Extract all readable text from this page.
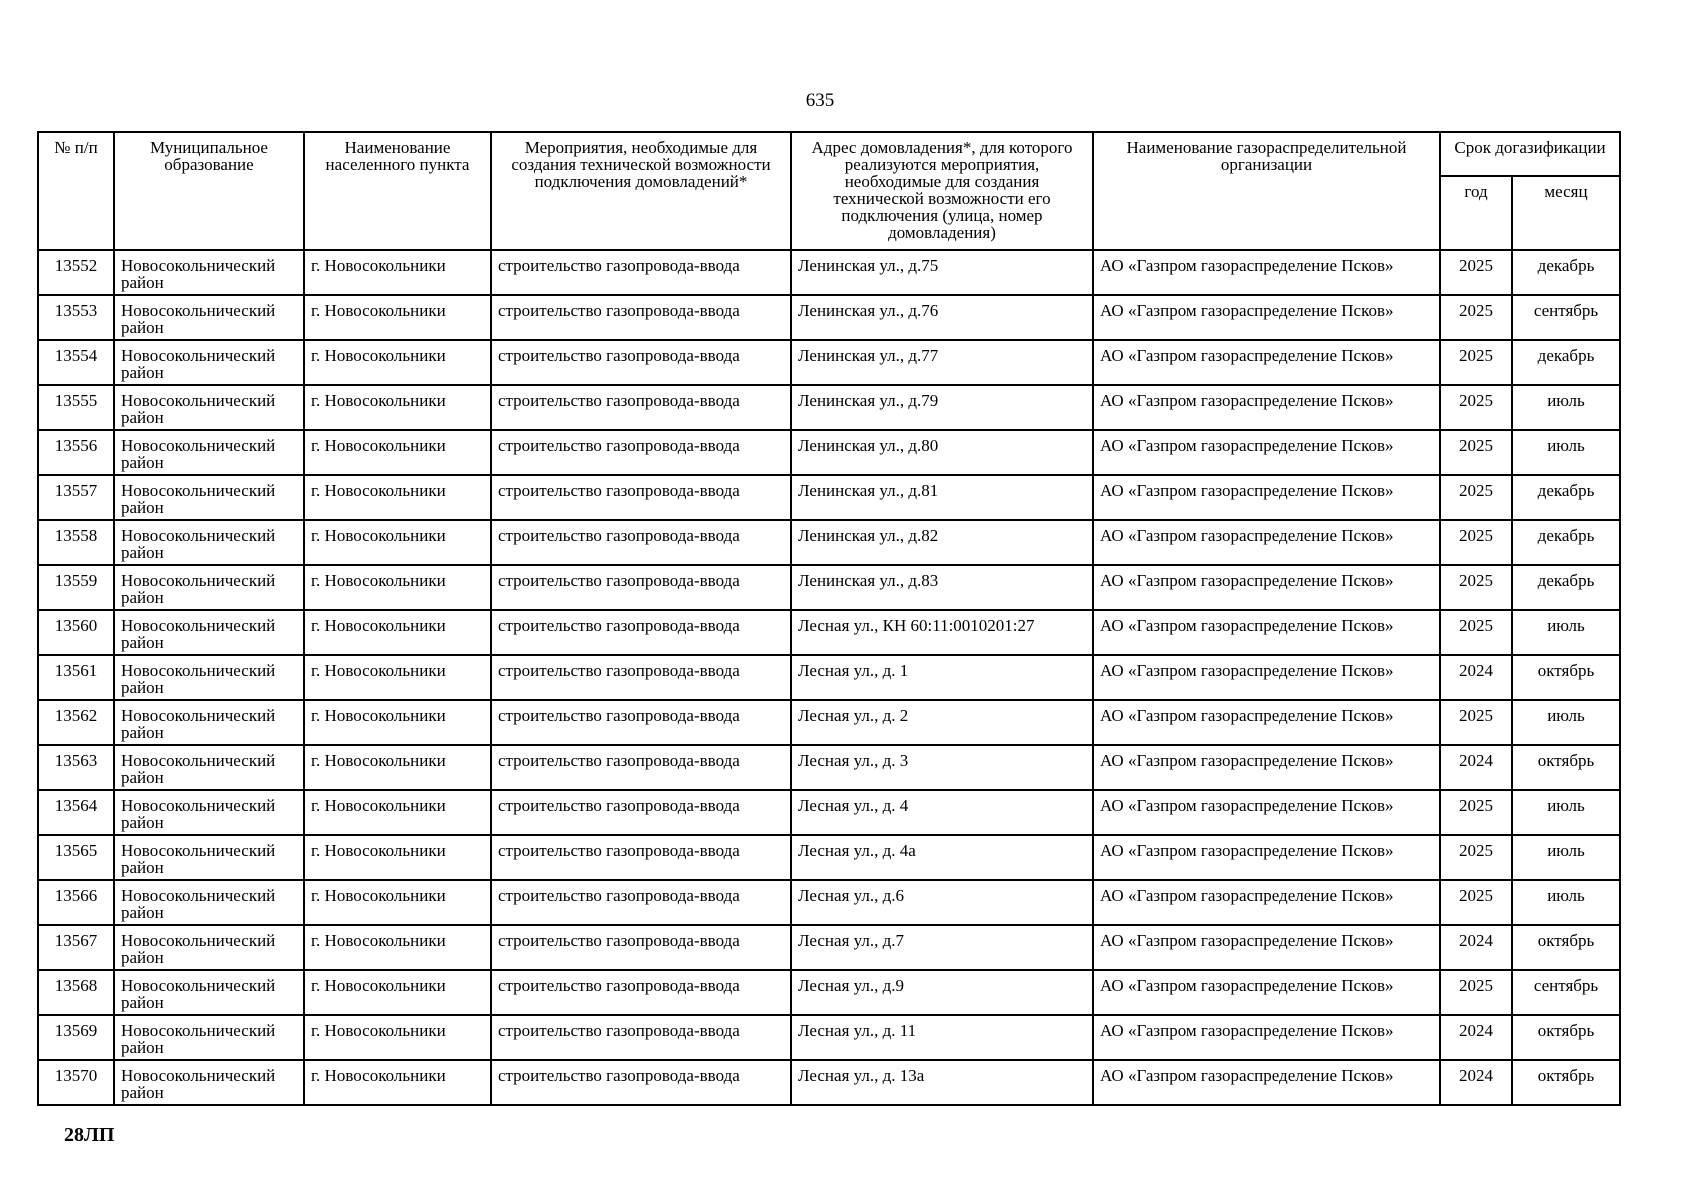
635
№ п/п	Муниципальное образование	Наименование населенного пункта	Мероприятия, необходимые для создания технической возможности подключения домовладений*	Адрес домовладения*, для которого реализуются мероприятия, необходимые для создания технической возможности его подключения (улица, номер домовладения)	Наименование газораспределительной организации	Срок догазификации	
						год	месяц
13552	Новосокольнический район	г. Новосокольники	строительство газопровода-ввода	Ленинская ул., д.75	АО «Газпром газораспределение Псков»	2025	декабрь
13553	Новосокольнический район	г. Новосокольники	строительство газопровода-ввода	Ленинская ул., д.76	АО «Газпром газораспределение Псков»	2025	сентябрь
13554	Новосокольнический район	г. Новосокольники	строительство газопровода-ввода	Ленинская ул., д.77	АО «Газпром газораспределение Псков»	2025	декабрь
13555	Новосокольнический район	г. Новосокольники	строительство газопровода-ввода	Ленинская ул., д.79	АО «Газпром газораспределение Псков»	2025	июль
13556	Новосокольнический район	г. Новосокольники	строительство газопровода-ввода	Ленинская ул., д.80	АО «Газпром газораспределение Псков»	2025	июль
13557	Новосокольнический район	г. Новосокольники	строительство газопровода-ввода	Ленинская ул., д.81	АО «Газпром газораспределение Псков»	2025	декабрь
13558	Новосокольнический район	г. Новосокольники	строительство газопровода-ввода	Ленинская ул., д.82	АО «Газпром газораспределение Псков»	2025	декабрь
13559	Новосокольнический район	г. Новосокольники	строительство газопровода-ввода	Ленинская ул., д.83	АО «Газпром газораспределение Псков»	2025	декабрь
13560	Новосокольнический район	г. Новосокольники	строительство газопровода-ввода	Лесная ул., КН 60:11:0010201:27	АО «Газпром газораспределение Псков»	2025	июль
13561	Новосокольнический район	г. Новосокольники	строительство газопровода-ввода	Лесная ул., д. 1	АО «Газпром газораспределение Псков»	2024	октябрь
13562	Новосокольнический район	г. Новосокольники	строительство газопровода-ввода	Лесная ул., д. 2	АО «Газпром газораспределение Псков»	2025	июль
13563	Новосокольнический район	г. Новосокольники	строительство газопровода-ввода	Лесная ул., д. 3	АО «Газпром газораспределение Псков»	2024	октябрь
13564	Новосокольнический район	г. Новосокольники	строительство газопровода-ввода	Лесная ул., д. 4	АО «Газпром газораспределение Псков»	2025	июль
13565	Новосокольнический район	г. Новосокольники	строительство газопровода-ввода	Лесная ул., д. 4а	АО «Газпром газораспределение Псков»	2025	июль
13566	Новосокольнический район	г. Новосокольники	строительство газопровода-ввода	Лесная ул., д.6	АО «Газпром газораспределение Псков»	2025	июль
13567	Новосокольнический район	г. Новосокольники	строительство газопровода-ввода	Лесная ул., д.7	АО «Газпром газораспределение Псков»	2024	октябрь
13568	Новосокольнический район	г. Новосокольники	строительство газопровода-ввода	Лесная ул., д.9	АО «Газпром газораспределение Псков»	2025	сентябрь
13569	Новосокольнический район	г. Новосокольники	строительство газопровода-ввода	Лесная ул., д. 11	АО «Газпром газораспределение Псков»	2024	октябрь
13570	Новосокольнический район	г. Новосокольники	строительство газопровода-ввода	Лесная ул., д. 13а	АО «Газпром газораспределение Псков»	2024	октябрь
28ЛП
